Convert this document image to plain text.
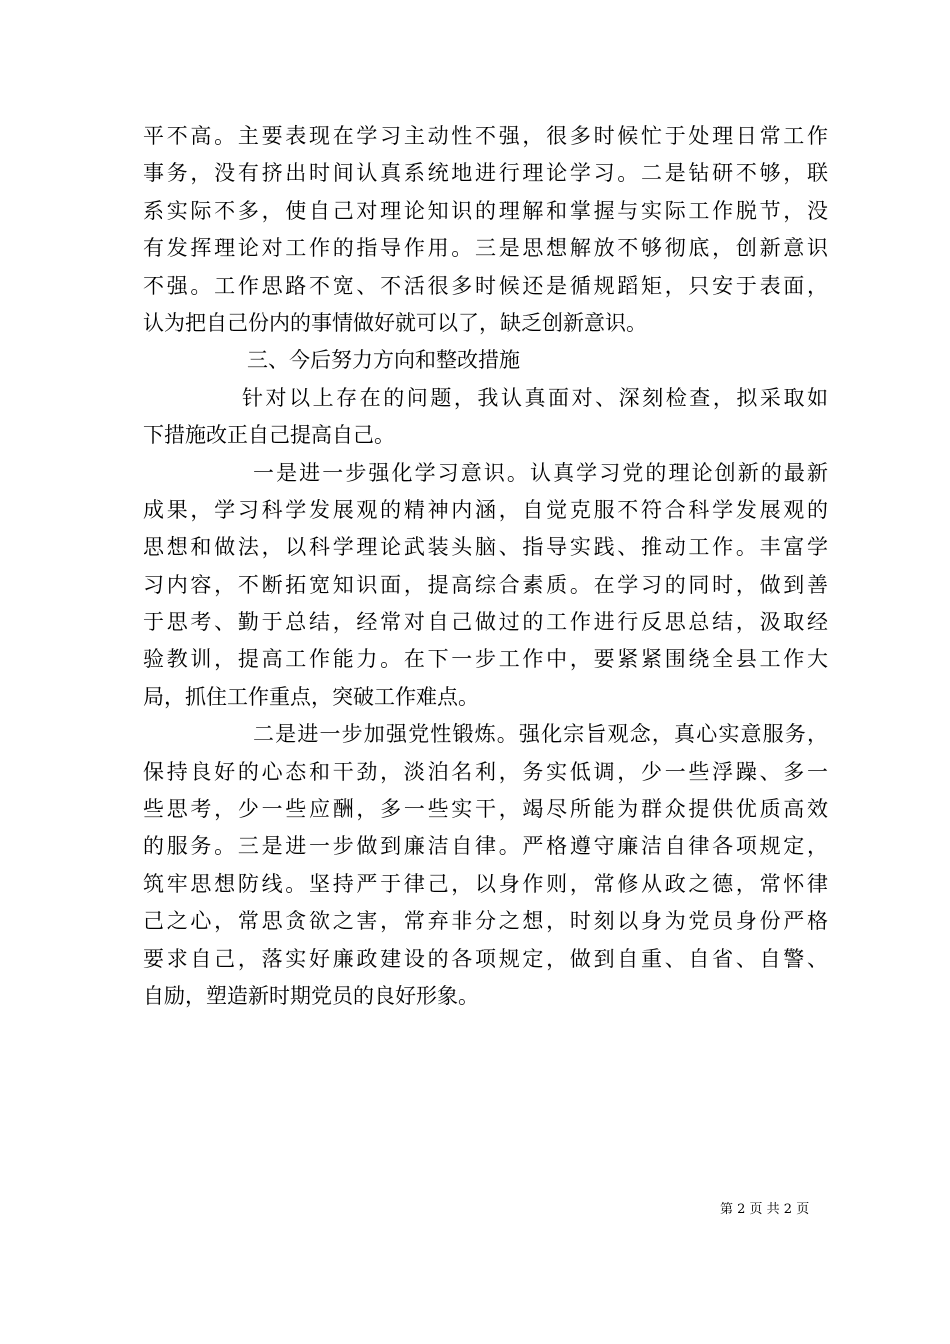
平不高。主要表现在学习主动性不强，很多时候忙于处理日常工作
事务，没有挤出时间认真系统地进行理论学习。二是钻研不够，联
系实际不多，使自己对理论知识的理解和掌握与实际工作脱节，没
有发挥理论对工作的指导作用。三是思想解放不够彻底，创新意识
不强。工作思路不宽、不活很多时候还是循规蹈矩，只安于表面，
认为把自己份内的事情做好就可以了，缺乏创新意识。
三、今后努力方向和整改措施
针对以上存在的问题，我认真面对、深刻检查，拟采取如
下措施改正自己提高自己。
一是进一步强化学习意识。认真学习党的理论创新的最新
成果，学习科学发展观的精神内涵，自觉克服不符合科学发展观的
思想和做法，以科学理论武装头脑、指导实践、推动工作。丰富学
习内容，不断拓宽知识面，提高综合素质。在学习的同时，做到善
于思考、勤于总结，经常对自己做过的工作进行反思总结，汲取经
验教训，提高工作能力。在下一步工作中，要紧紧围绕全县工作大
局，抓住工作重点，突破工作难点。
二是进一步加强党性锻炼。强化宗旨观念，真心实意服务，
保持良好的心态和干劲，淡泊名利，务实低调，少一些浮躁、多一
些思考，少一些应酬，多一些实干，竭尽所能为群众提供优质高效
的服务。三是进一步做到廉洁自律。严格遵守廉洁自律各项规定，
筑牢思想防线。坚持严于律己，以身作则，常修从政之德，常怀律
己之心，常思贪欲之害，常弃非分之想，时刻以身为党员身份严格
要求自己，落实好廉政建设的各项规定，做到自重、自省、自警、
自励，塑造新时期党员的良好形象。
第 2 页 共 2 页
